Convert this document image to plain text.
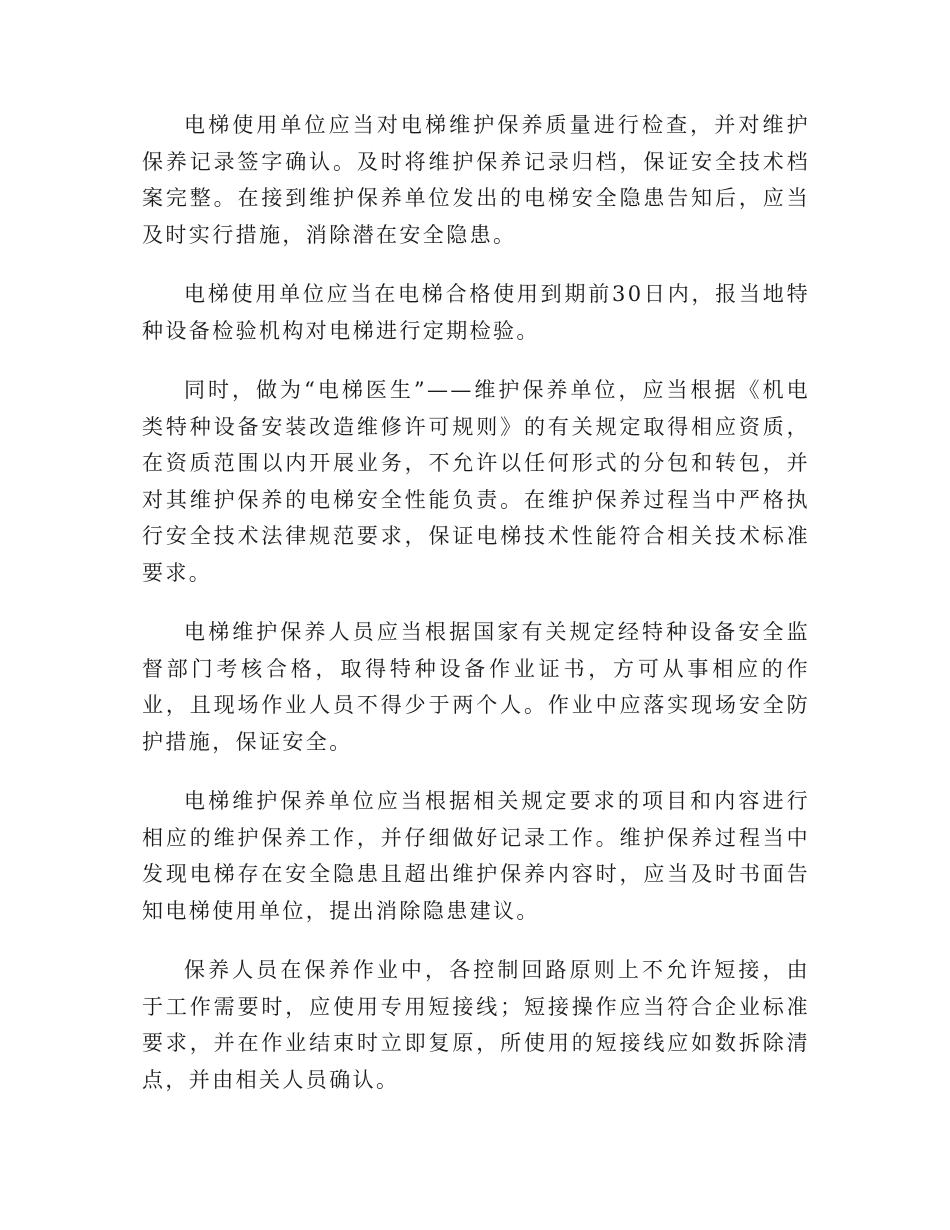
电梯使用单位应当对电梯维护保养质量进行检查，并对维护保养记录签字确认。及时将维护保养记录归档，保证安全技术档案完整。在接到维护保养单位发出的电梯安全隐患告知后，应当及时实行措施，消除潜在安全隐患。

电梯使用单位应当在电梯合格使用到期前30日内，报当地特种设备检验机构对电梯进行定期检验。

同时，做为“电梯医生”——维护保养单位，应当根据《机电类特种设备安装改造维修许可规则》的有关规定取得相应资质，在资质范围以内开展业务，不允许以任何形式的分包和转包，并对其维护保养的电梯安全性能负责。在维护保养过程当中严格执行安全技术法律规范要求，保证电梯技术性能符合相关技术标准要求。

电梯维护保养人员应当根据国家有关规定经特种设备安全监督部门考核合格，取得特种设备作业证书，方可从事相应的作业，且现场作业人员不得少于两个人。作业中应落实现场安全防护措施，保证安全。

电梯维护保养单位应当根据相关规定要求的项目和内容进行相应的维护保养工作，并仔细做好记录工作。维护保养过程当中发现电梯存在安全隐患且超出维护保养内容时，应当及时书面告知电梯使用单位，提出消除隐患建议。

保养人员在保养作业中，各控制回路原则上不允许短接，由于工作需要时，应使用专用短接线；短接操作应当符合企业标准要求，并在作业结束时立即复原，所使用的短接线应如数拆除清点，并由相关人员确认。
